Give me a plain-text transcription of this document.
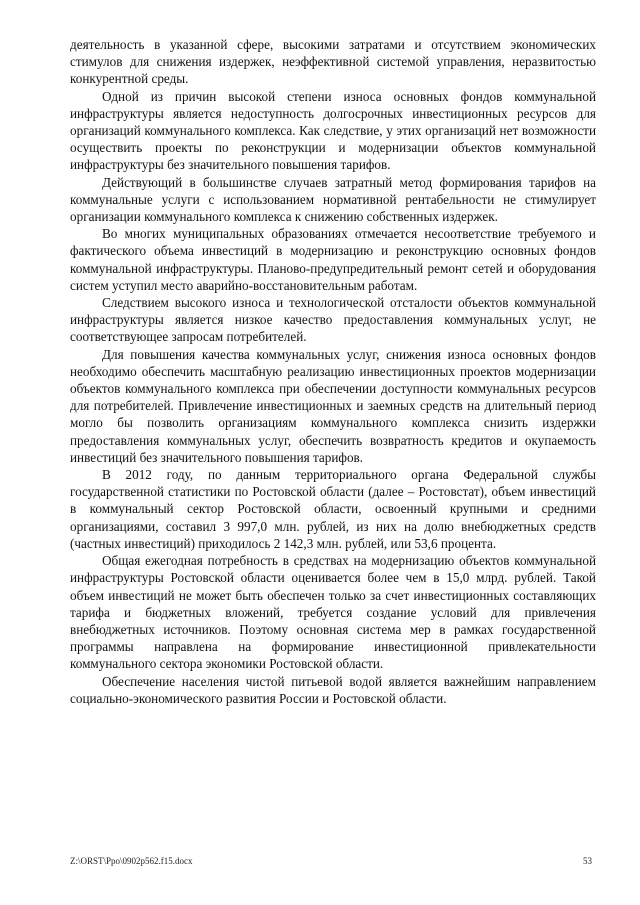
деятельность в указанной сфере, высокими затратами и отсутствием экономических стимулов для снижения издержек, неэффективной системой управления, неразвитостью конкурентной среды.

Одной из причин высокой степени износа основных фондов коммунальной инфраструктуры является недоступность долгосрочных инвестиционных ресурсов для организаций коммунального комплекса. Как следствие, у этих организаций нет возможности осуществить проекты по реконструкции и модернизации объектов коммунальной инфраструктуры без значительного повышения тарифов.

Действующий в большинстве случаев затратный метод формирования тарифов на коммунальные услуги с использованием нормативной рентабельности не стимулирует организации коммунального комплекса к снижению собственных издержек.

Во многих муниципальных образованиях отмечается несоответствие требуемого и фактического объема инвестиций в модернизацию и реконструкцию основных фондов коммунальной инфраструктуры. Планово-предупредительный ремонт сетей и оборудования систем уступил место аварийно-восстановительным работам.

Следствием высокого износа и технологической отсталости объектов коммунальной инфраструктуры является низкое качество предоставления коммунальных услуг, не соответствующее запросам потребителей.

Для повышения качества коммунальных услуг, снижения износа основных фондов необходимо обеспечить масштабную реализацию инвестиционных проектов модернизации объектов коммунального комплекса при обеспечении доступности коммунальных ресурсов для потребителей. Привлечение инвестиционных и заемных средств на длительный период могло бы позволить организациям коммунального комплекса снизить издержки предоставления коммунальных услуг, обеспечить возвратность кредитов и окупаемость инвестиций без значительного повышения тарифов.

В 2012 году, по данным территориального органа Федеральной службы государственной статистики по Ростовской области (далее – Ростовстат), объем инвестиций в коммунальный сектор Ростовской области, освоенный крупными и средними организациями, составил 3 997,0 млн. рублей, из них на долю внебюджетных средств (частных инвестиций) приходилось 2 142,3 млн. рублей, или 53,6 процента.

Общая ежегодная потребность в средствах на модернизацию объектов коммунальной инфраструктуры Ростовской области оценивается более чем в 15,0 млрд. рублей. Такой объем инвестиций не может быть обеспечен только за счет инвестиционных составляющих тарифа и бюджетных вложений, требуется создание условий для привлечения внебюджетных источников. Поэтому основная система мер в рамках государственной программы направлена на формирование инвестиционной привлекательности коммунального сектора экономики Ростовской области.

Обеспечение населения чистой питьевой водой является важнейшим направлением социально-экономического развития России и Ростовской области.

Z:\ORST\Ppo\0902p562.f15.docx	53
